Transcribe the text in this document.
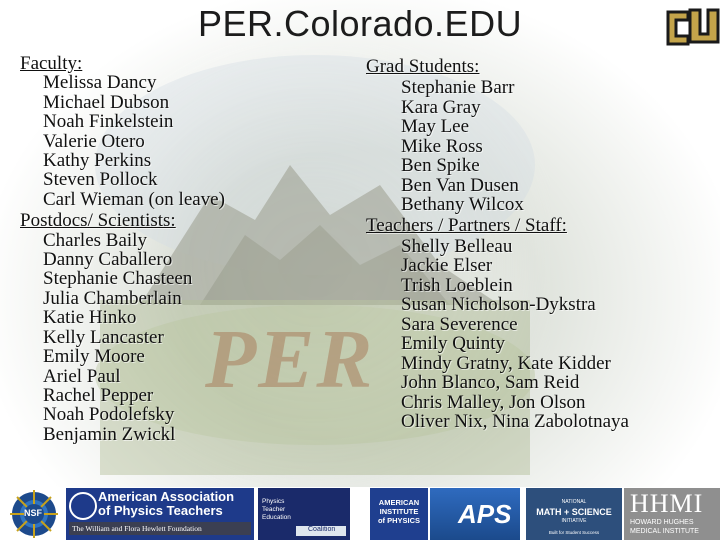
PER
PER.Colorado.EDU
Faculty:
Melissa Dancy
Michael Dubson
Noah Finkelstein
Valerie Otero
Kathy Perkins
Steven Pollock
Carl Wieman (on leave)
Postdocs/ Scientists:
Charles Baily
Danny Caballero
Stephanie Chasteen
Julia Chamberlain
Katie Hinko
Kelly Lancaster
Emily Moore
Ariel Paul
Rachel Pepper
Noah Podolefsky
Benjamin Zwickl
Grad Students:
Stephanie Barr
Kara Gray
May Lee
Mike Ross
Ben Spike
Ben Van Dusen
Bethany Wilcox
Teachers / Partners / Staff:
Shelly Belleau
Jackie Elser
Trish Loeblein
Susan Nicholson-Dykstra
Sara Severence
Emily Quinty
Mindy Gratny, Kate Kidder
John Blanco, Sam Reid
Chris Malley, Jon Olson
Oliver Nix, Nina Zabolotnaya
NSF
American Association
of Physics Teachers
The William and Flora Hewlett Foundation
Physics
Teacher
Education
Coalition
AMERICAN
INSTITUTE
of PHYSICS APS	NATIONAL
MATH + SCIENCE
INITIATIVE
Built for Student Success
HHMI
HOWARD HUGHES
MEDICAL INSTITUTE
